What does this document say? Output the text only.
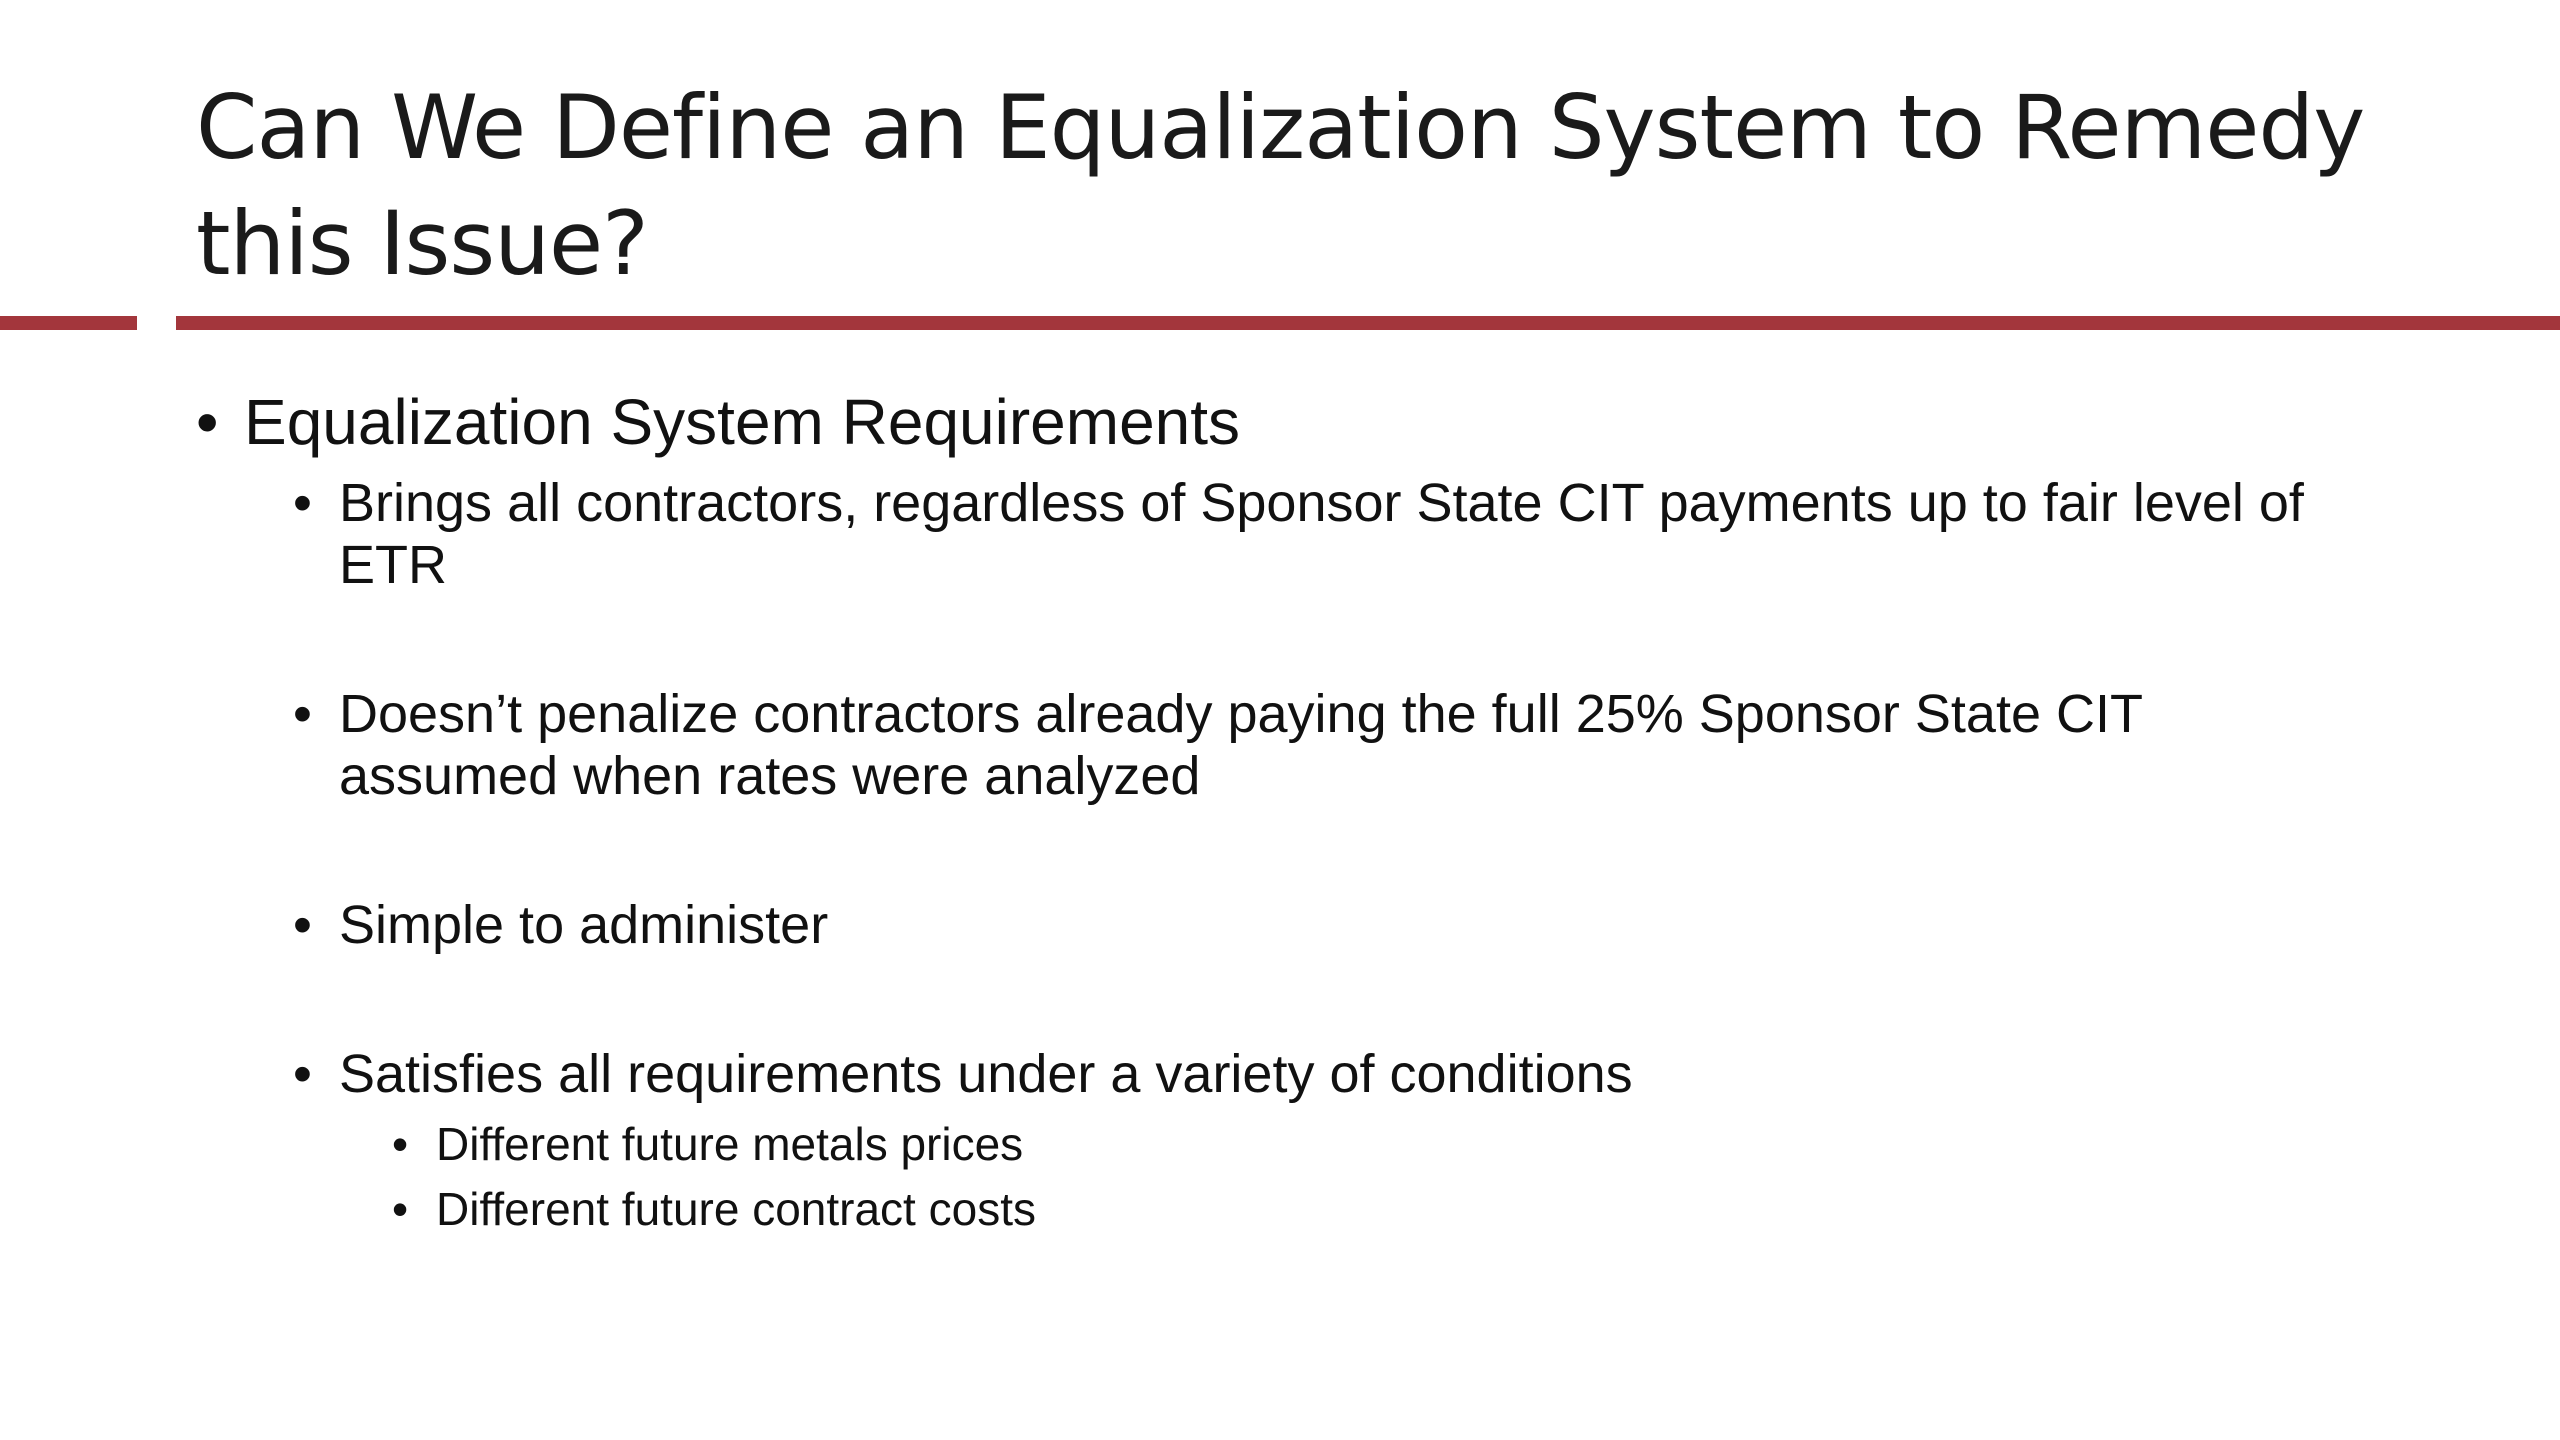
Can We Define an Equalization System to Remedy this Issue?
• Equalization System Requirements
• Brings all contractors, regardless of Sponsor State CIT payments up to fair level of ETR
• Doesn’t penalize contractors already paying the full 25% Sponsor State CIT assumed when rates were analyzed
• Simple to administer
• Satisfies all requirements under a variety of conditions
• Different future metals prices
• Different future contract costs
